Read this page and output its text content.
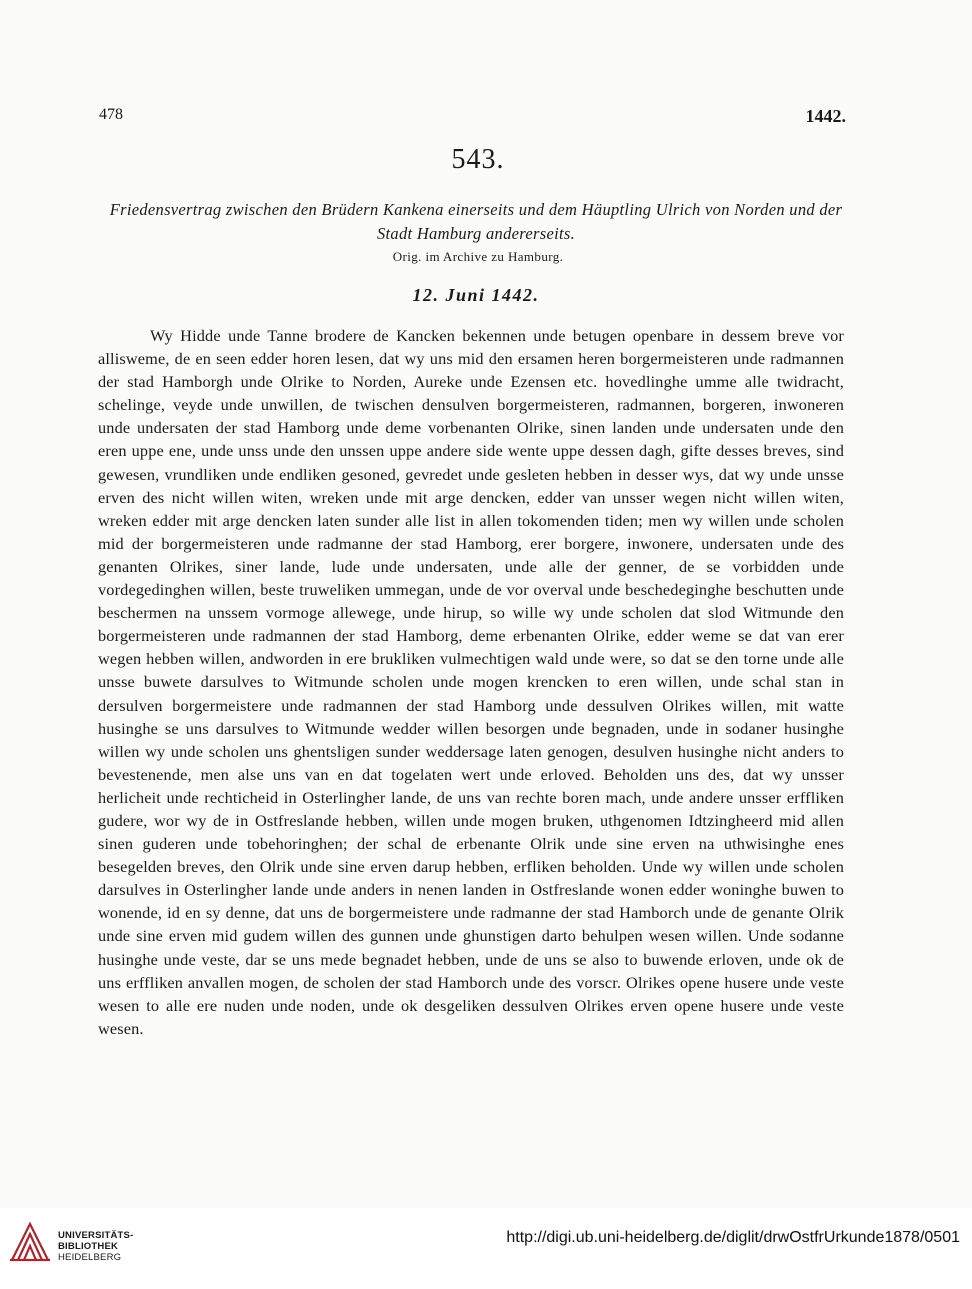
478	1442.
543.
Friedensvertrag zwischen den Brüdern Kankena einerseits und dem Häuptling Ulrich von Norden und der Stadt Hamburg andererseits.
Orig. im Archive zu Hamburg.
12. Juni 1442.

Wy Hidde unde Tanne brodere de Kancken bekennen unde betugen openbare in dessem breve vor allisweme, de en seen edder horen lesen, dat wy uns mid den ersamen heren borgermeisteren unde radmannen der stad Hamborgh unde Olrike to Norden, Aureke unde Ezensen etc. hovedlinghe umme alle twidracht, schelinge, veyde unde unwillen, de twischen densulven borgermeisteren, radmannen, borgeren, inwoneren unde undersaten der stad Hamborg unde deme vorbenanten Olrike, sinen landen unde undersaten unde den eren uppe ene, unde unss unde den unssen uppe andere side wente uppe dessen dagh, gifte desses breves, sind gewesen, vrundliken unde endliken gesoned, gevredet unde gesleten hebben in desser wys, dat wy unde unsse erven des nicht willen witen, wreken unde mit arge dencken, edder van unsser wegen nicht willen witen, wreken edder mit arge dencken laten sunder alle list in allen tokomenden tiden; men wy willen unde scholen mid der borgermeisteren unde radmanne der stad Hamborg, erer borgere, inwonere, undersaten unde des genanten Olrikes, siner lande, lude unde undersaten, unde alle der genner, de se vorbidden unde vordegedinghen willen, beste truweliken ummegan, unde de vor overval unde beschedeginghe beschutten unde beschermen na unssem vormoge allewege, unde hirup, so wille wy unde scholen dat slod Witmunde den borgermeisteren unde radmannen der stad Hamborg, deme erbenanten Olrike, edder weme se dat van erer wegen hebben willen, andworden in ere brukliken vulmechtigen wald unde were, so dat se den torne unde alle unsse buwete darsulves to Witmunde scholen unde mogen krencken to eren willen, unde schal stan in dersulven borgermeistere unde radmannen der stad Hamborg unde dessulven Olrikes willen, mit watte husinghe se uns darsulves to Witmunde wedder willen besorgen unde begnaden, unde in sodaner husinghe willen wy unde scholen uns ghentsligen sunder weddersage laten genogen, desulven husinghe nicht anders to bevestenende, men alse uns van en dat togelaten wert unde erloved. Beholden uns des, dat wy unsser herlicheit unde rechticheid in Osterlingher lande, de uns van rechte boren mach, unde andere unsser erffliken gudere, wor wy de in Ostfreslande hebben, willen unde mogen bruken, uthgenomen Idtzingheerd mid allen sinen guderen unde tobehoringhen; der schal de erbenante Olrik unde sine erven na uthwisinghe enes besegelden breves, den Olrik unde sine erven darup hebben, erfliken beholden. Unde wy willen unde scholen darsulves in Osterlingher lande unde anders in nenen landen in Ostfreslande wonen edder woninghe buwen to wonende, id en sy denne, dat uns de borgermeistere unde radmanne der stad Hamborch unde de genante Olrik unde sine erven mid gudem willen des gunnen unde ghunstigen darto behulpen wesen willen. Unde sodanne husinghe unde veste, dar se uns mede begnadet hebben, unde de uns se also to buwende erloven, unde ok de uns erffliken anvallen mogen, de scholen der stad Hamborch unde des vorscr. Olrikes opene husere unde veste wesen to alle ere nuden unde noden, unde ok desgeliken dessulven Olrikes erven opene husere unde veste wesen.

UNIVERSITÄTS-
BIBLIOTHEK
HEIDELBERG
http://digi.ub.uni-heidelberg.de/diglit/drwOstfrUrkunde1878/0501
